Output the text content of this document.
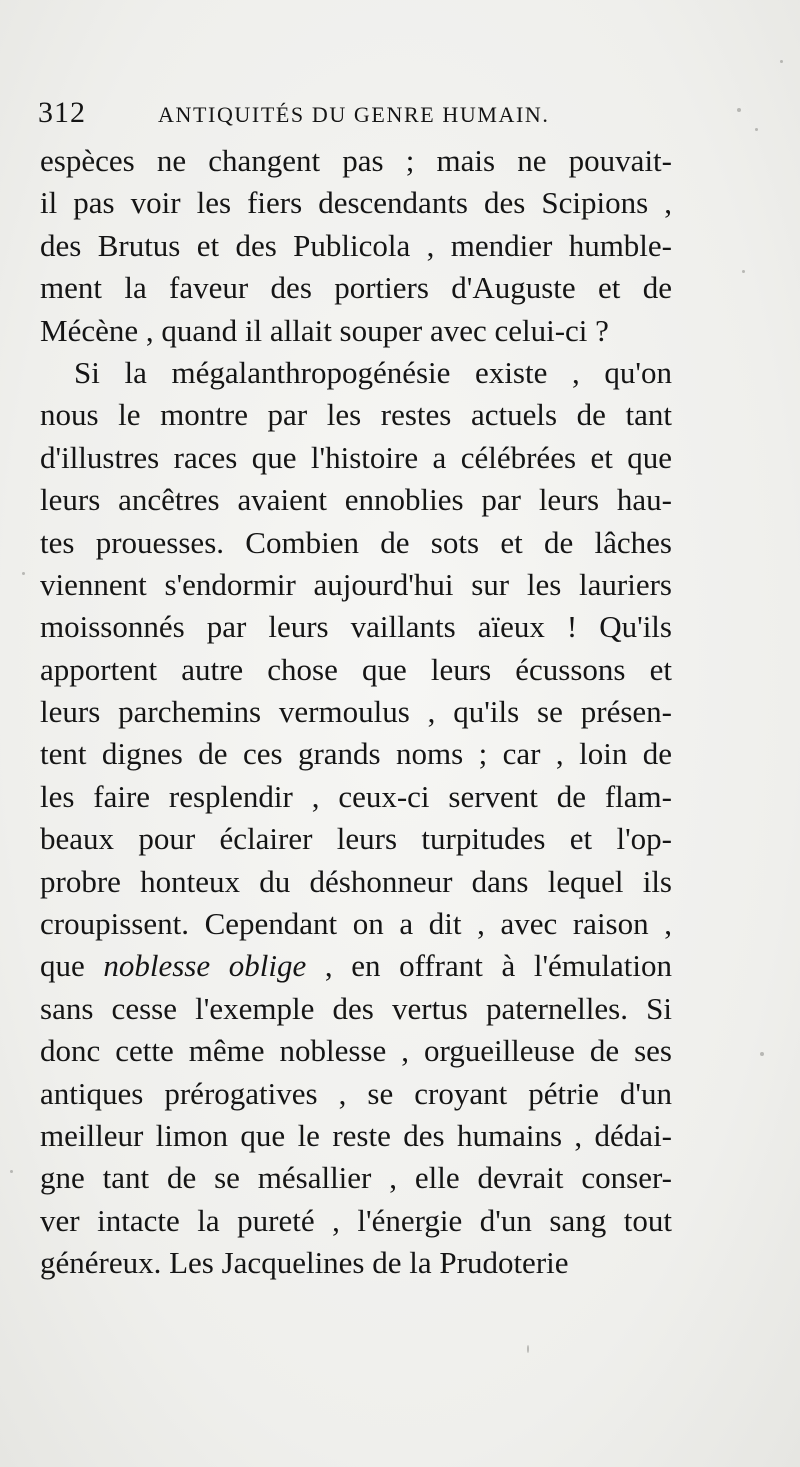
312	ANTIQUITÉS DU GENRE HUMAIN.
espèces ne changent pas ; mais ne pouvait-
il pas voir les fiers descendants des Scipions ,
des Brutus et des Publicola , mendier humble-
ment la faveur des portiers d'Auguste et de
Mécène , quand il allait souper avec celui-ci ?
Si la mégalanthropogénésie existe , qu'on
nous le montre par les restes actuels de tant
d'illustres races que l'histoire a célébrées et que
leurs ancêtres avaient ennoblies par leurs hau-
tes prouesses. Combien de sots et de lâches
viennent s'endormir aujourd'hui sur les lauriers
moissonnés par leurs vaillants aïeux ! Qu'ils
apportent autre chose que leurs écussons et
leurs parchemins vermoulus , qu'ils se présen-
tent dignes de ces grands noms ; car , loin de
les faire resplendir , ceux-ci servent de flam-
beaux pour éclairer leurs turpitudes et l'op-
probre honteux du déshonneur dans lequel ils
croupissent. Cependant on a dit , avec raison ,
que noblesse oblige , en offrant à l'émulation
sans cesse l'exemple des vertus paternelles. Si
donc cette même noblesse , orgueilleuse de ses
antiques prérogatives , se croyant pétrie d'un
meilleur limon que le reste des humains , dédai-
gne tant de se mésallier , elle devrait conser-
ver intacte la pureté , l'énergie d'un sang tout
généreux. Les Jacquelines de la Prudoterie
